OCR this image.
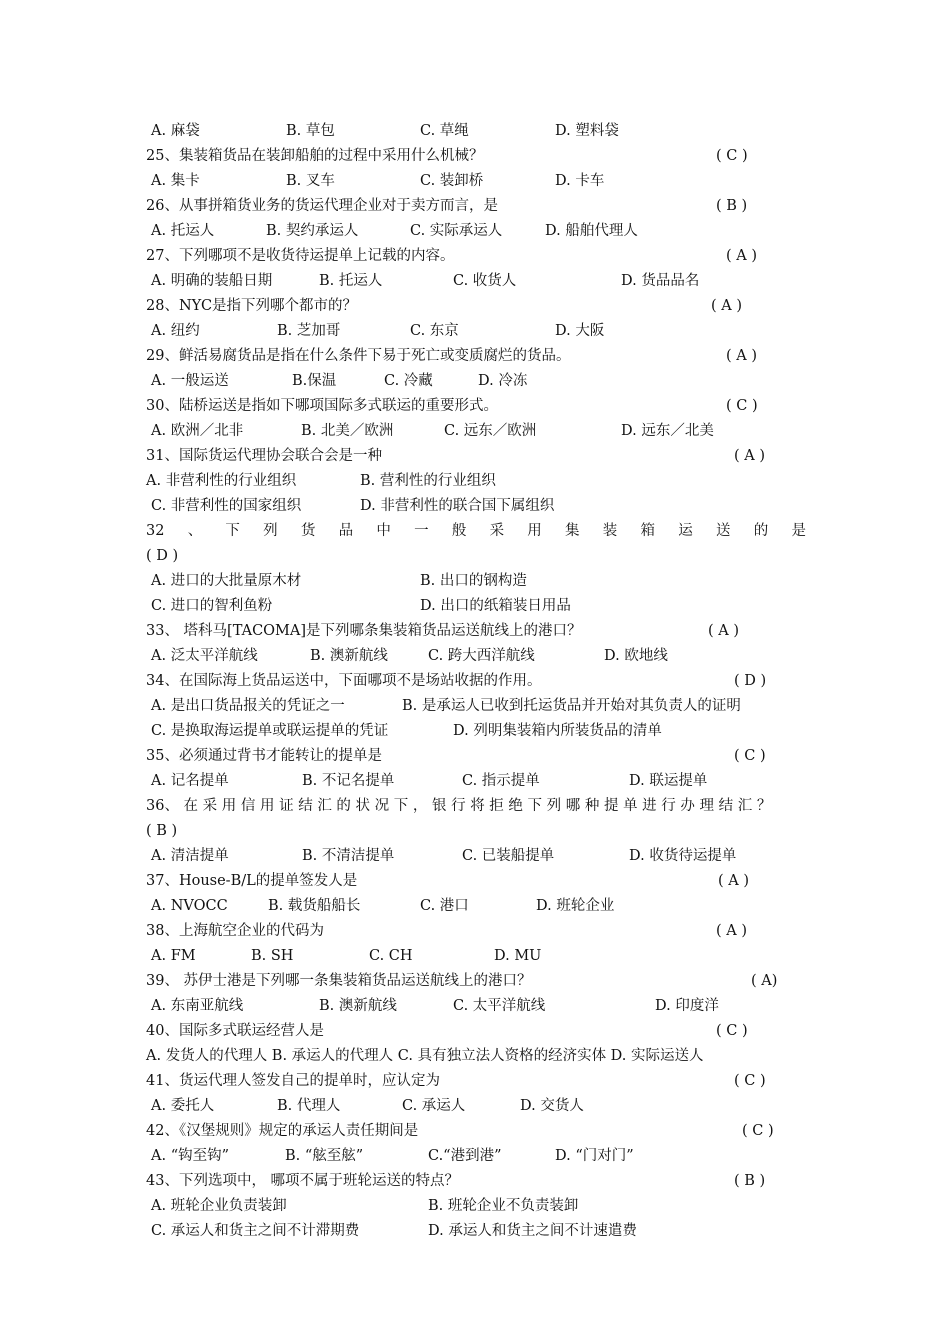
A. 麻袋	B. 草包	C. 草绳	D. 塑料袋
25、集装箱货品在装卸船舶的过程中采用什么机械？	( C )
A. 集卡	B. 叉车	C. 装卸桥	D. 卡车
26、从事拼箱货业务的货运代理企业对于卖方而言，是	( B )
A. 托运人	B. 契约承运人	C. 实际承运人	D. 船舶代理人
27、下列哪项不是收货待运提单上记载的内容。	( A )
A. 明确的装船日期	B. 托运人	C. 收货人	D. 货品品名
28、NYC是指下列哪个都市的？	( A )
A. 纽约	B. 芝加哥	C. 东京	D. 大阪
29、鲜活易腐货品是指在什么条件下易于死亡或变质腐烂的货品。	( A )
A. 一般运送	B.保温	C. 冷藏	D. 冷冻
30、陆桥运送是指如下哪项国际多式联运的重要形式。	( C )
A. 欧洲／北非	B. 北美／欧洲	C. 远东／欧洲	D. 远东／北美
31、国际货运代理协会联合会是一种	( A )
A. 非营利性的行业组织	B. 营利性的行业组织
C. 非营利性的国家组织	D. 非营利性的联合国下属组织
32 、 下 列 货 品 中 一 般 采 用 集 装 箱 运 送 的 是
( D )
A. 进口的大批量原木材	B. 出口的钢构造
C. 进口的智利鱼粉	D. 出口的纸箱装日用品
33、 塔科马[TACOMA]是下列哪条集装箱货品运送航线上的港口？	( A )
A. 泛太平洋航线	B. 澳新航线	C. 跨大西洋航线	D. 欧地线
34、在国际海上货品运送中，下面哪项不是场站收据的作用。	( D )
A. 是出口货品报关的凭证之一	B. 是承运人已收到托运货品并开始对其负责人的证明
C. 是换取海运提单或联运提单的凭证	D. 列明集装箱内所装货品的清单
35、必须通过背书才能转让的提单是	( C )
A. 记名提单	B. 不记名提单	C. 指示提单	D. 联运提单
36、 在 采 用 信 用 证 结 汇 的 状 况 下 ， 银 行 将 拒 绝 下 列 哪 种 提 单 进 行 办 理 结 汇 ？
( B )
A. 清洁提单	B. 不清洁提单	C. 已装船提单	D. 收货待运提单
37、House-B/L的提单签发人是	( A )
A. NVOCC	B. 载货船船长	C. 港口	D. 班轮企业
38、上海航空企业的代码为	( A )
A. FM	B. SH	C. CH	D. MU
39、 苏伊士港是下列哪一条集装箱货品运送航线上的港口？	( A)
A. 东南亚航线	B. 澳新航线	C. 太平洋航线	D. 印度洋
40、国际多式联运经营人是	( C )
A. 发货人的代理人 B. 承运人的代理人 C. 具有独立法人资格的经济实体 D. 实际运送人
41、货运代理人签发自己的提单时，应认定为	( C )
A. 委托人	B. 代理人	C. 承运人	D. 交货人
42、《汉堡规则》规定的承运人责任期间是	( C )
A. “钩至钩”	B. “舷至舷”	C.“港到港”	D. “门对门”
43、下列选项中， 哪项不属于班轮运送的特点？	( B )
A. 班轮企业负责装卸	B. 班轮企业不负责装卸
C. 承运人和货主之间不计滞期费	D. 承运人和货主之间不计速遣费
